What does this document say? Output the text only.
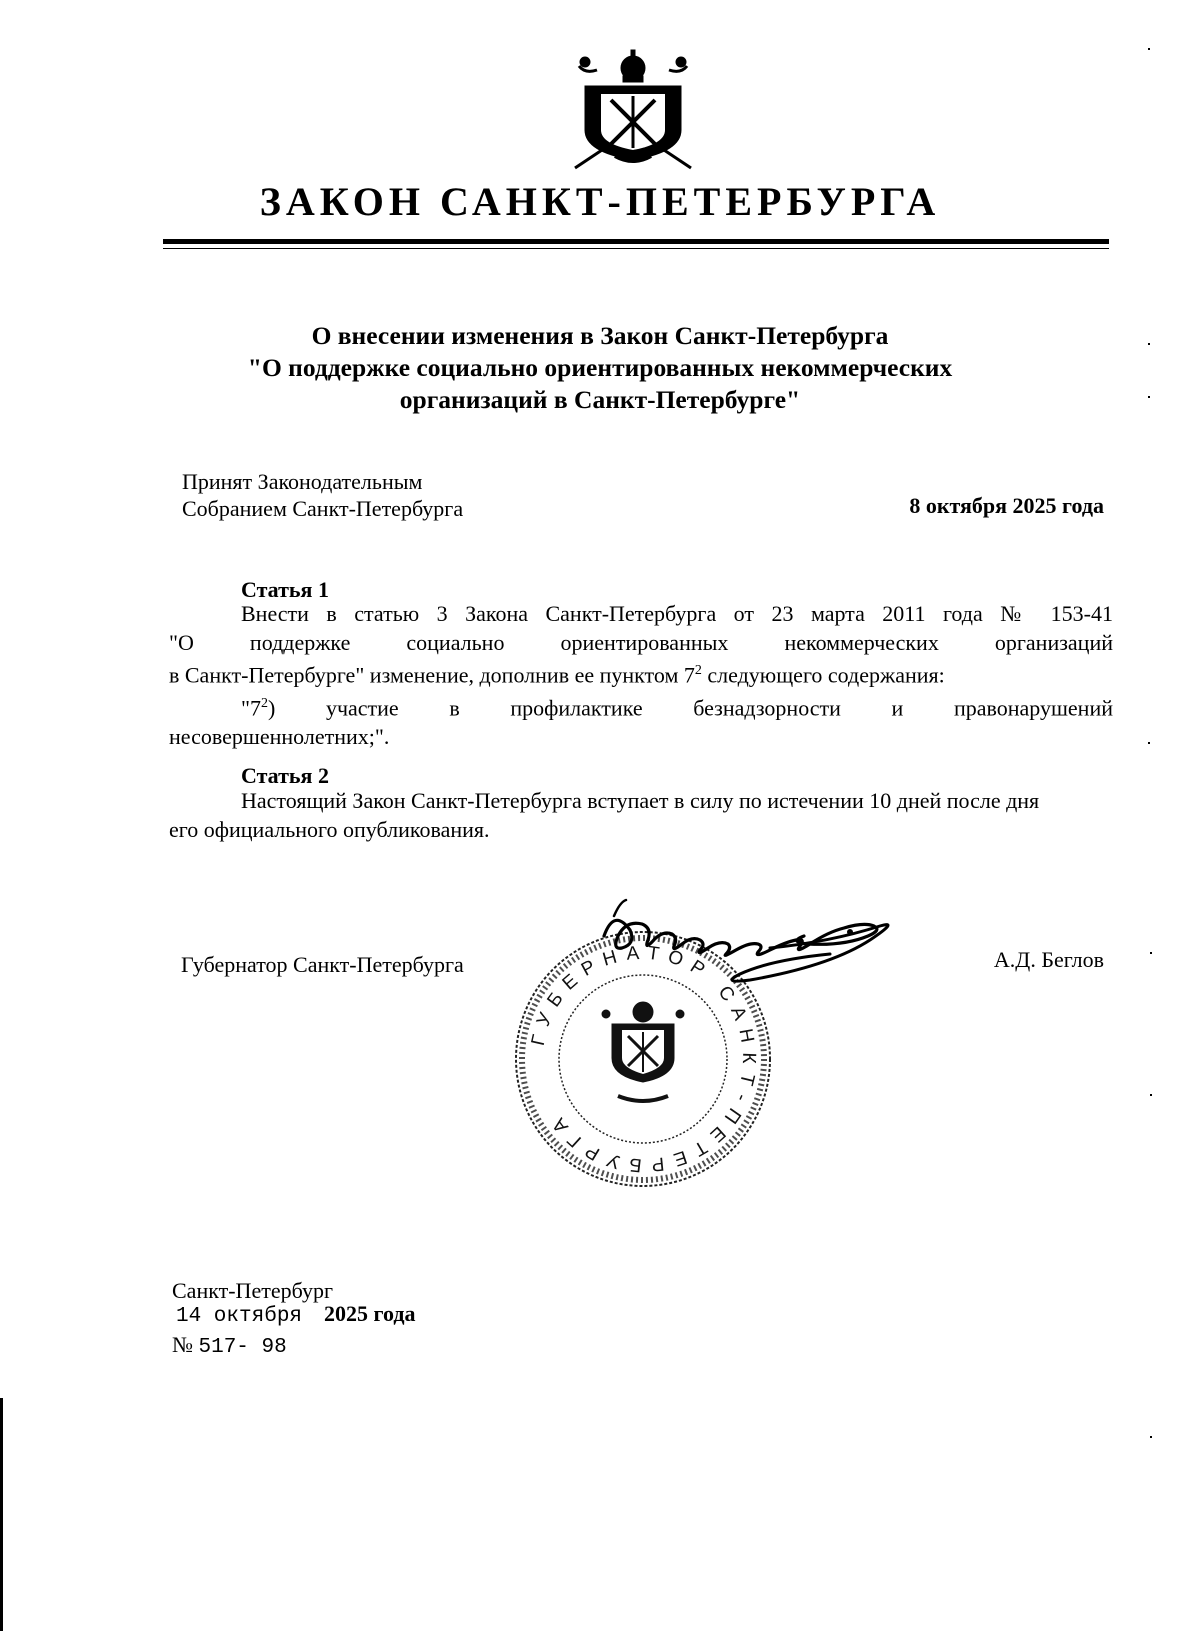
ЗАКОН САНКТ-ПЕТЕРБУРГА
О внесении изменения в Закон Санкт-Петербурга
"О поддержке социально ориентированных некоммерческих
организаций в Санкт-Петербурге"
Принят Законодательным
Собранием Санкт-Петербурга	8 октября 2025 года
Статья 1
Внести в статью 3 Закона Санкт-Петербурга от 23 марта 2011 года № 153-41
"О поддержке социально ориентированных некоммерческих организаций
в Санкт-Петербурге" изменение, дополнив ее пунктом $7^2$ следующего содержания:
"$7^2$) участие в профилактике безнадзорности и правонарушений
несовершеннолетних;".
Статья 2
Настоящий Закон Санкт-Петербурга вступает в силу по истечении 10 дней после дня
его официального опубликования.
Губернатор Санкт-Петербурга	А.Д. Беглов
ГУБЕРНАТОР САНКТ-ПЕТЕРБУРГА
Санкт-Петербург
14 октября 2025 года
№ 517- 98
